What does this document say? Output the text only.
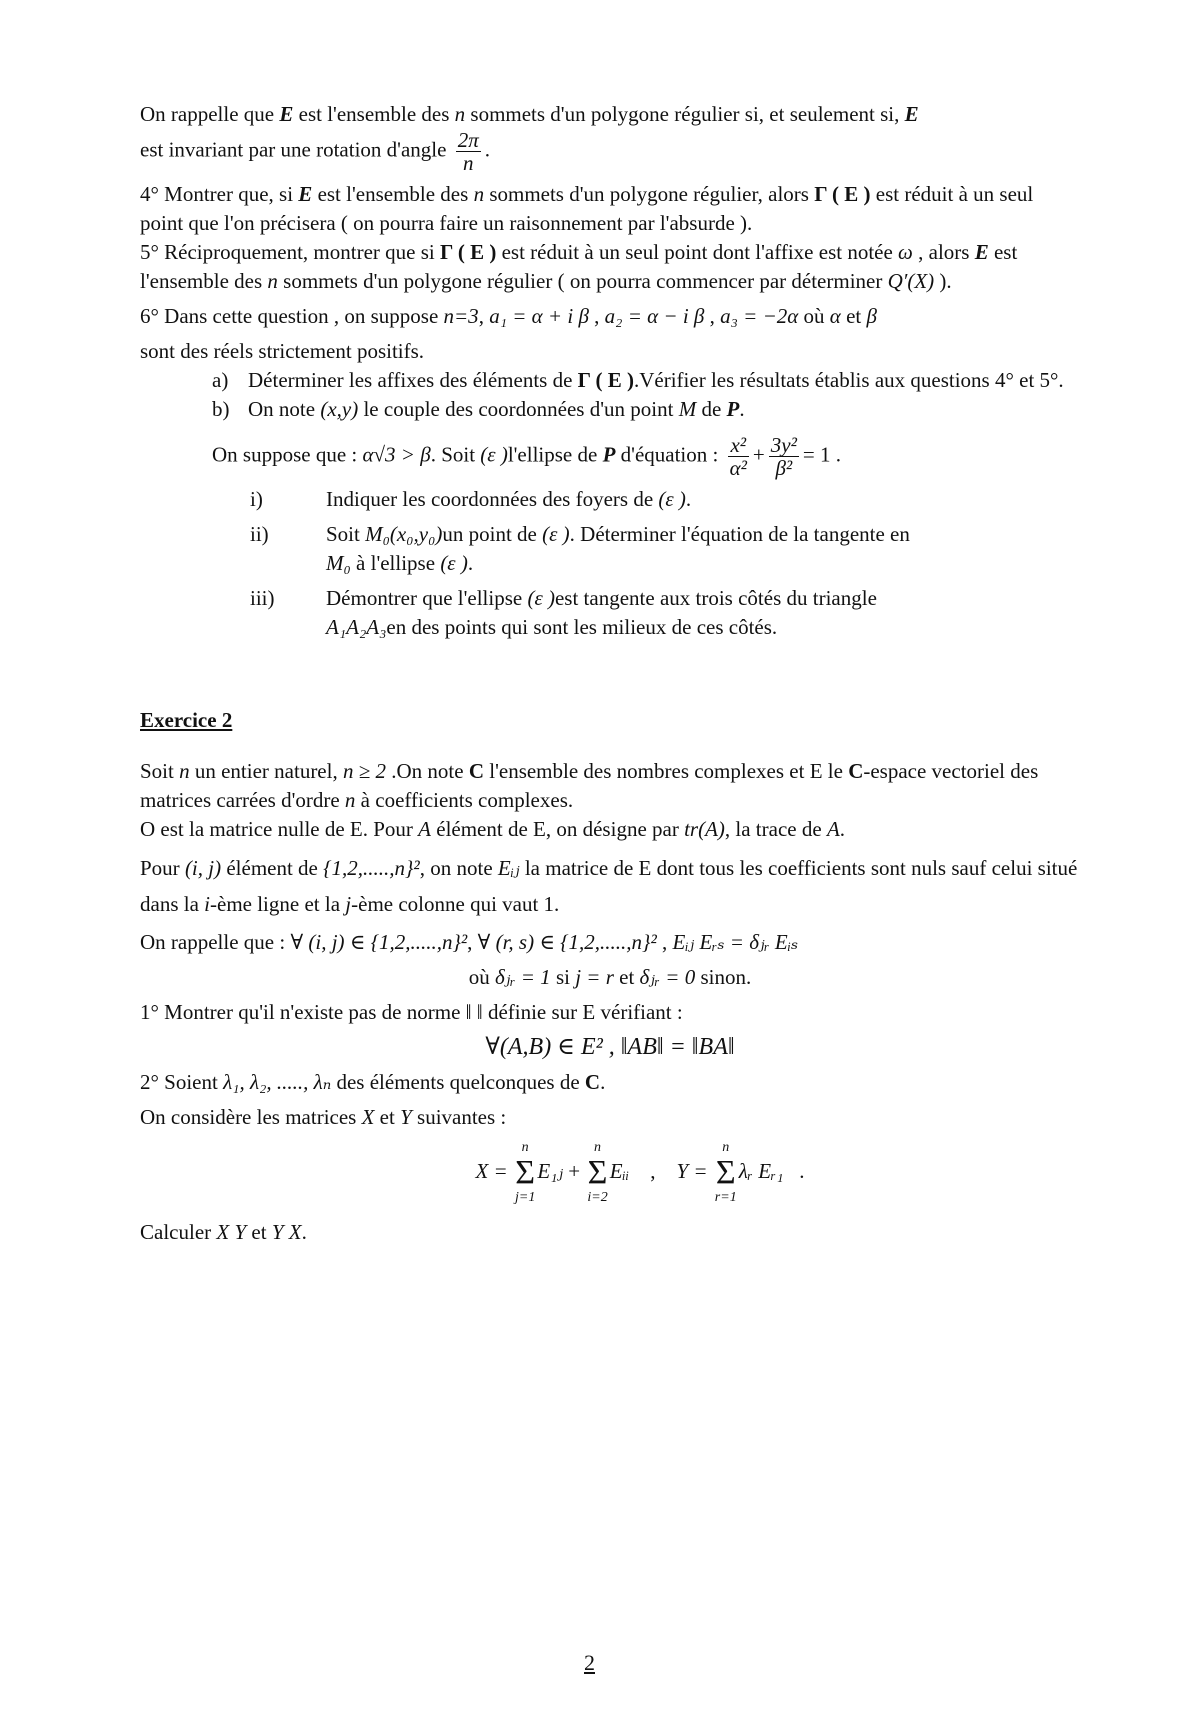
On rappelle que E est l'ensemble des n sommets d'un polygone régulier si, et seulement si, E

est invariant par une rotation d'angle $\frac{2\pi}{n}$ .

4° Montrer que, si E est l'ensemble des n sommets d'un polygone régulier, alors Γ ( E ) est réduit à un seul point que l'on précisera ( on pourra faire un raisonnement par l'absurde ).

5° Réciproquement, montrer que si Γ ( E ) est réduit à un seul point dont l'affixe est notée ω , alors E est l'ensemble des n sommets d'un polygone régulier ( on pourra commencer par déterminer Q′(X) ).

6° Dans cette question , on suppose n=3, a₁ = α + i β , a₂ = α − i β , a₃ = −2α où α et β

sont des réels strictement positifs.

a) Déterminer les affixes des éléments de Γ ( E ).Vérifier les résultats établis aux questions 4° et 5°.
b) On note (x,y) le couple des coordonnées d'un point M de P.

On suppose que : α√3 > β. Soit (ε )l'ellipse de P d'équation : $\frac{\text{x²}}{\text{α²}} + \frac{\text{3y²}}{\text{β²}} = 1$ .

i)	Indiquer les coordonnées des foyers de (ε ).
ii)	Soit M₀(x₀,y₀)un point de (ε ). Déterminer l'équation de la tangente en
M₀ à l'ellipse (ε ).
iii)	Démontrer que l'ellipse (ε )est tangente aux trois côtés du triangle
A₁A₂A₃en des points qui sont les milieux de ces côtés.

Exercice 2

Soit n un entier naturel, n ≥ 2 .On note C l'ensemble des nombres complexes et E le C-espace vectoriel des matrices carrées d'ordre n à coefficients complexes.

O est la matrice nulle de E. Pour A élément de E, on désigne par tr(A), la trace de A.

Pour (i, j) élément de {1,2,.....,n}², on note Eᵢⱼ la matrice de E dont tous les coefficients sont nuls sauf celui situé dans la i-ème ligne et la j-ème colonne qui vaut 1.

On rappelle que : ∀ (i, j) ∈ {1,2,.....,n}², ∀ (r, s) ∈ {1,2,.....,n}² , Eᵢⱼ Eᵣₛ = δⱼᵣ Eᵢₛ

où δⱼᵣ = 1 si j = r et δⱼᵣ = 0 sinon.

1° Montrer qu'il n'existe pas de norme ‖ ‖ définie sur E vérifiant :

∀(A,B) ∈ E² , ‖AB‖ = ‖BA‖

2° Soient λ₁, λ₂, ....., λₙ des éléments quelconques de C.

On considère les matrices X et Y suivantes :

X =
n
Σ
j=1
E₁ⱼ +
n
Σ
i=2
Eᵢᵢ , Y =
n
Σ
r=1
λᵣ Eᵣ₁ .

Calculer X Y et Y X.

2
